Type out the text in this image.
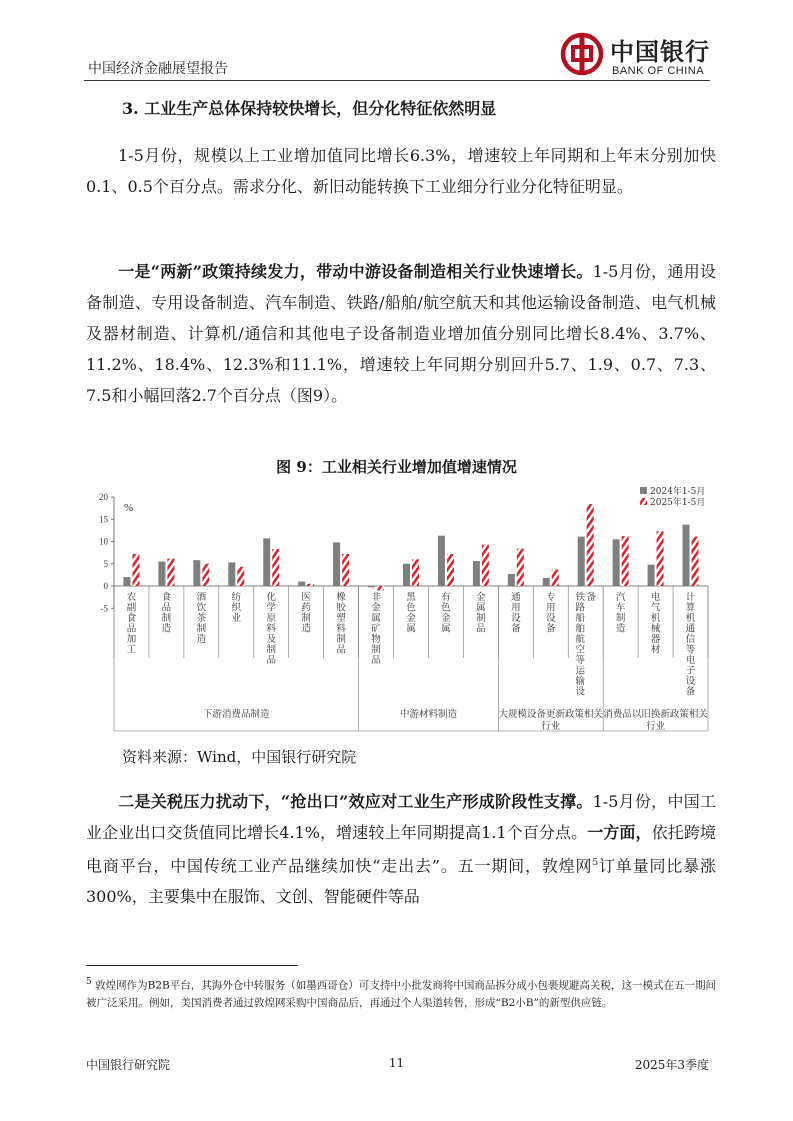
中国经济金融展望报告
中国银行
BANK OF CHINA
3. 工业生产总体保持较快增长，但分化特征依然明显
1-5月份，规模以上工业增加值同比增长6.3%，增速较上年同期和上年末分别加快0.1、0.5个百分点。需求分化、新旧动能转换下工业细分行业分化特征明显。
一是“两新”政策持续发力，带动中游设备制造相关行业快速增长。1-5月份，通用设备制造、专用设备制造、汽车制造、铁路/船舶/航空航天和其他运输设备制造、电气机械及器材制造、计算机/通信和其他电子设备制造业增加值分别同比增长8.4%、3.7%、11.2%、18.4%、12.3%和11.1%，增速较上年同期分别回升5.7、1.9、0.7、7.3、7.5和小幅回落2.7个百分点（图9）。
图 9：工业相关行业增加值增速情况
-5
0
5
10
15
20
%
农
副
食
品
加
工
食
品
制
造
酒
饮
茶
制
造
纺
织
业
化
学
原
料
及
制
品
医
药
制
造
橡
胶
塑
料
制
品
非
金
属
矿
物
制
品
黑
色
金
属
有
色
金
属
金
属
制
品
通
用
设
备
专
用
设
备
铁
路
船
舶
航
空
等
运
输
设
备 汽
车
制
造
电
气
机
械
器
材
计
算
机
通
信
等
电
子
设
备
下游消费品制造	中游材料制造	大规模设备更新政策相关
行业
消费品以旧换新政策相关
行业
2024年1-5月
2025年1-5月
资料来源：Wind，中国银行研究院
二是关税压力扰动下，“抢出口”效应对工业生产形成阶段性支撑。1-5月份，中国工业企业出口交货值同比增长4.1%，增速较上年同期提高1.1个百分点。一方面，依托跨境电商平台，中国传统工业产品继续加快“走出去”。五一期间，敦煌网$^5$订单量同比暴涨300%，主要集中在服饰、文创、智能硬件等品
$^5$ 敦煌网作为B2B平台，其海外仓中转服务（如墨西哥仓）可支持中小批发商将中国商品拆分成小包裹规避高关税，这一模式在五一期间被广泛采用。例如，美国消费者通过敦煌网采购中国商品后，再通过个人渠道转售，形成“B2小B”的新型供应链。
中国银行研究院	11	2025年3季度
